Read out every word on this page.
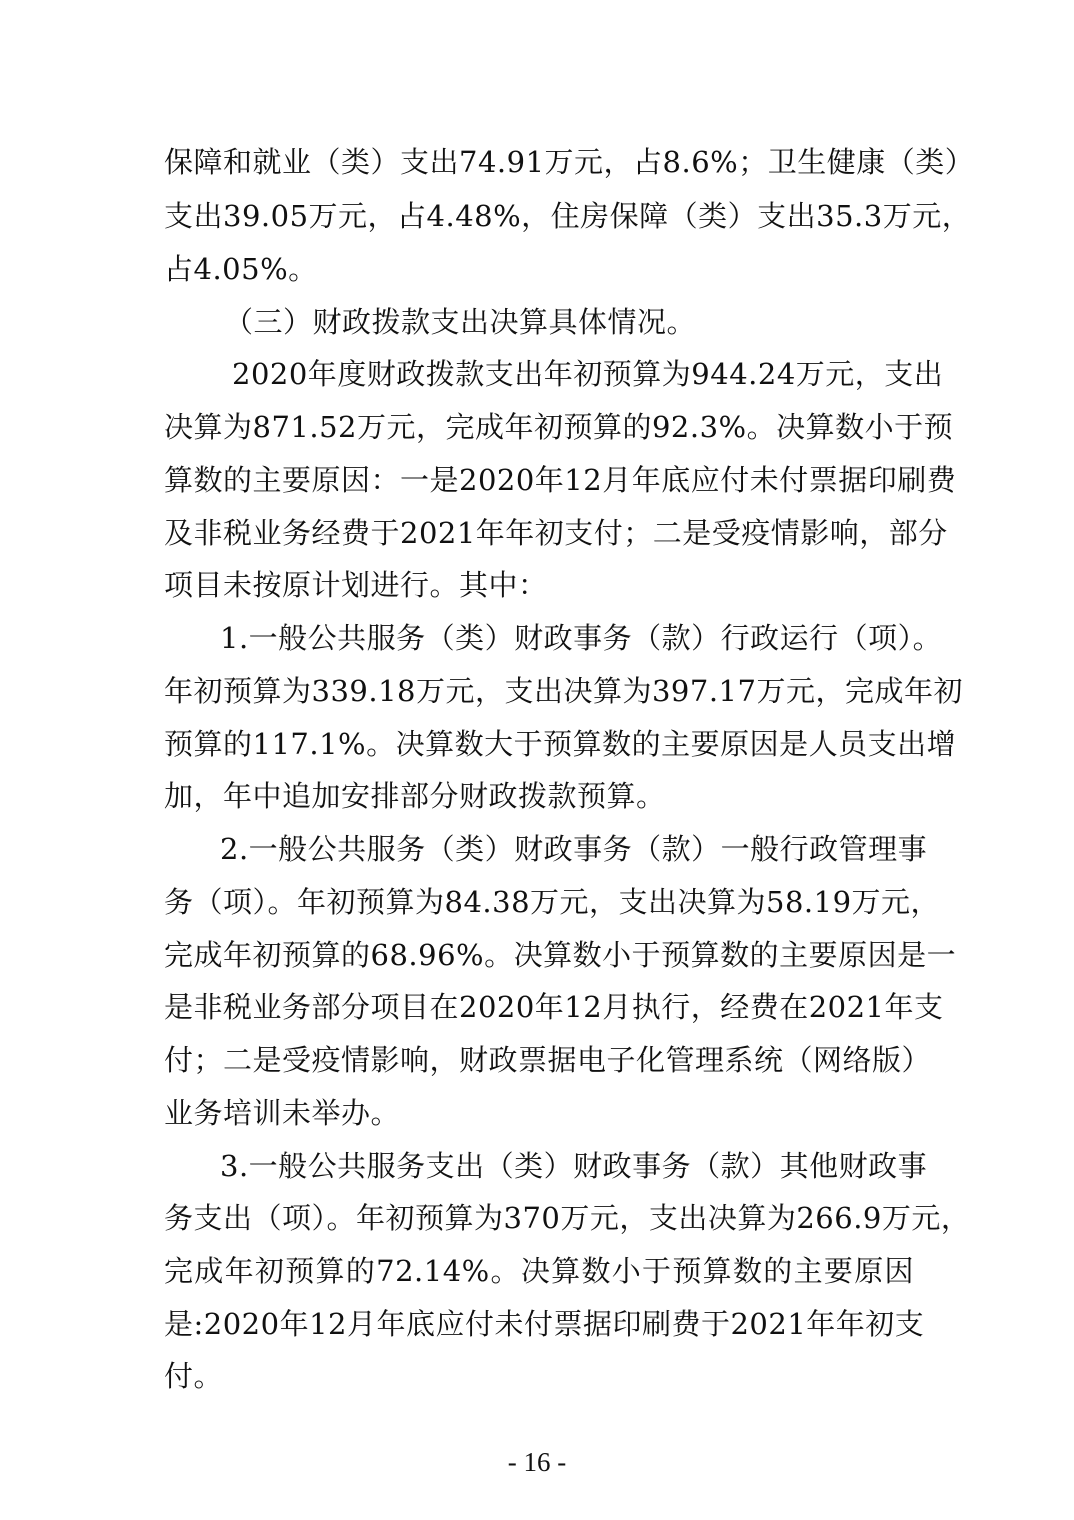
保障和就业（类）支出74.91万元，占8.6%；卫生健康（类）
支出39.05万元，占4.48%，住房保障（类）支出35.3万元，
占4.05%。
（三）财政拨款支出决算具体情况。
2020年度财政拨款支出年初预算为944.24万元，支出
决算为871.52万元，完成年初预算的92.3%。决算数小于预
算数的主要原因：一是2020年12月年底应付未付票据印刷费
及非税业务经费于2021年年初支付；二是受疫情影响，部分
项目未按原计划进行。其中：
1.一般公共服务（类）财政事务（款）行政运行（项）。
年初预算为339.18万元，支出决算为397.17万元，完成年初
预算的117.1%。决算数大于预算数的主要原因是人员支出增
加，年中追加安排部分财政拨款预算。
2.一般公共服务（类）财政事务（款）一般行政管理事
务（项）。年初预算为84.38万元，支出决算为58.19万元，
完成年初预算的68.96%。决算数小于预算数的主要原因是一
是非税业务部分项目在2020年12月执行，经费在2021年支
付；二是受疫情影响，财政票据电子化管理系统（网络版）
业务培训未举办。
3.一般公共服务支出（类）财政事务（款）其他财政事
务支出（项）。年初预算为370万元，支出决算为266.9万元，
完成年初预算的72.14%。决算数小于预算数的主要原因
是:2020年12月年底应付未付票据印刷费于2021年年初支
付。
- 16 -
